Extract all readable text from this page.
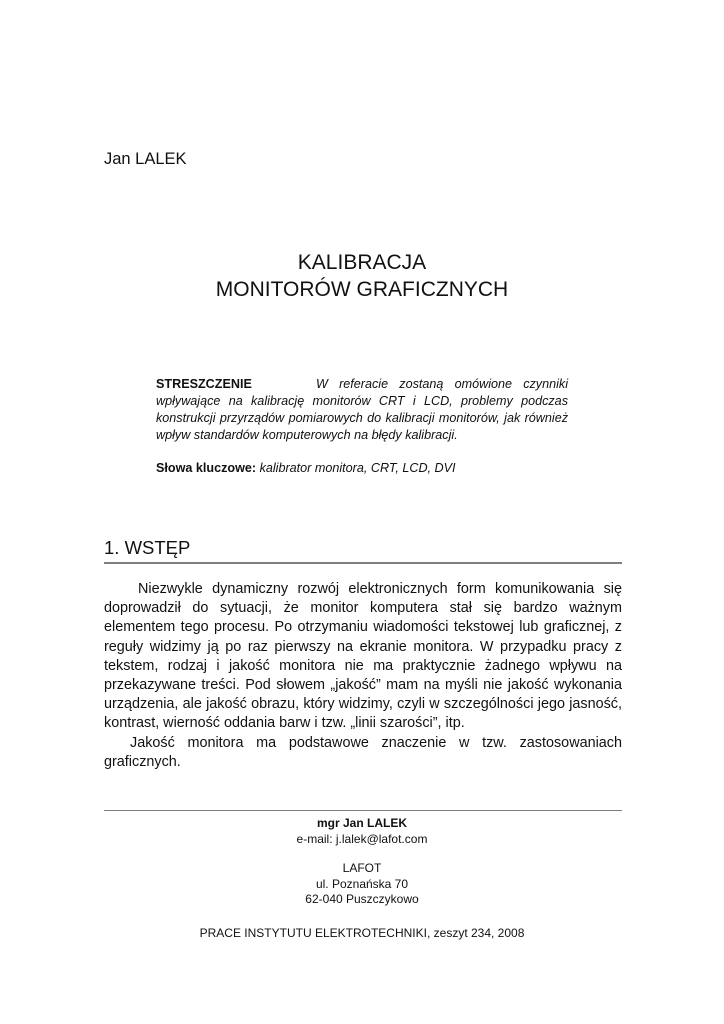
Jan LALEK
KALIBRACJA
MONITORÓW GRAFICZNYCH
STRESZCZENIE	W referacie zostaną omówione czynniki wpływające na kalibrację monitorów CRT i LCD, problemy podczas konstrukcji przyrządów pomiarowych do kalibracji monitorów, jak również wpływ standardów komputerowych na błędy kalibracji.
Słowa kluczowe: kalibrator monitora, CRT, LCD, DVI
1. WSTĘP

Niezwykle dynamiczny rozwój elektronicznych form komunikowania się doprowadził do sytuacji, że monitor komputera stał się bardzo ważnym elementem tego procesu. Po otrzymaniu wiadomości tekstowej lub graficznej, z reguły widzimy ją po raz pierwszy na ekranie monitora. W przypadku pracy z tekstem, rodzaj i jakość monitora nie ma praktycznie żadnego wpływu na przekazywane treści. Pod słowem „jakość” mam na myśli nie jakość wykonania urządzenia, ale jakość obrazu, który widzimy, czyli w szczególności jego jasność, kontrast, wierność oddania barw i tzw. „linii szarości”, itp.

Jakość monitora ma podstawowe znaczenie w tzw. zastosowaniach graficznych.

mgr Jan LALEK
e-mail: j.lalek@lafot.com
LAFOT
ul. Poznańska 70
62-040 Puszczykowo
PRACE INSTYTUTU ELEKTROTECHNIKI, zeszyt 234, 2008
